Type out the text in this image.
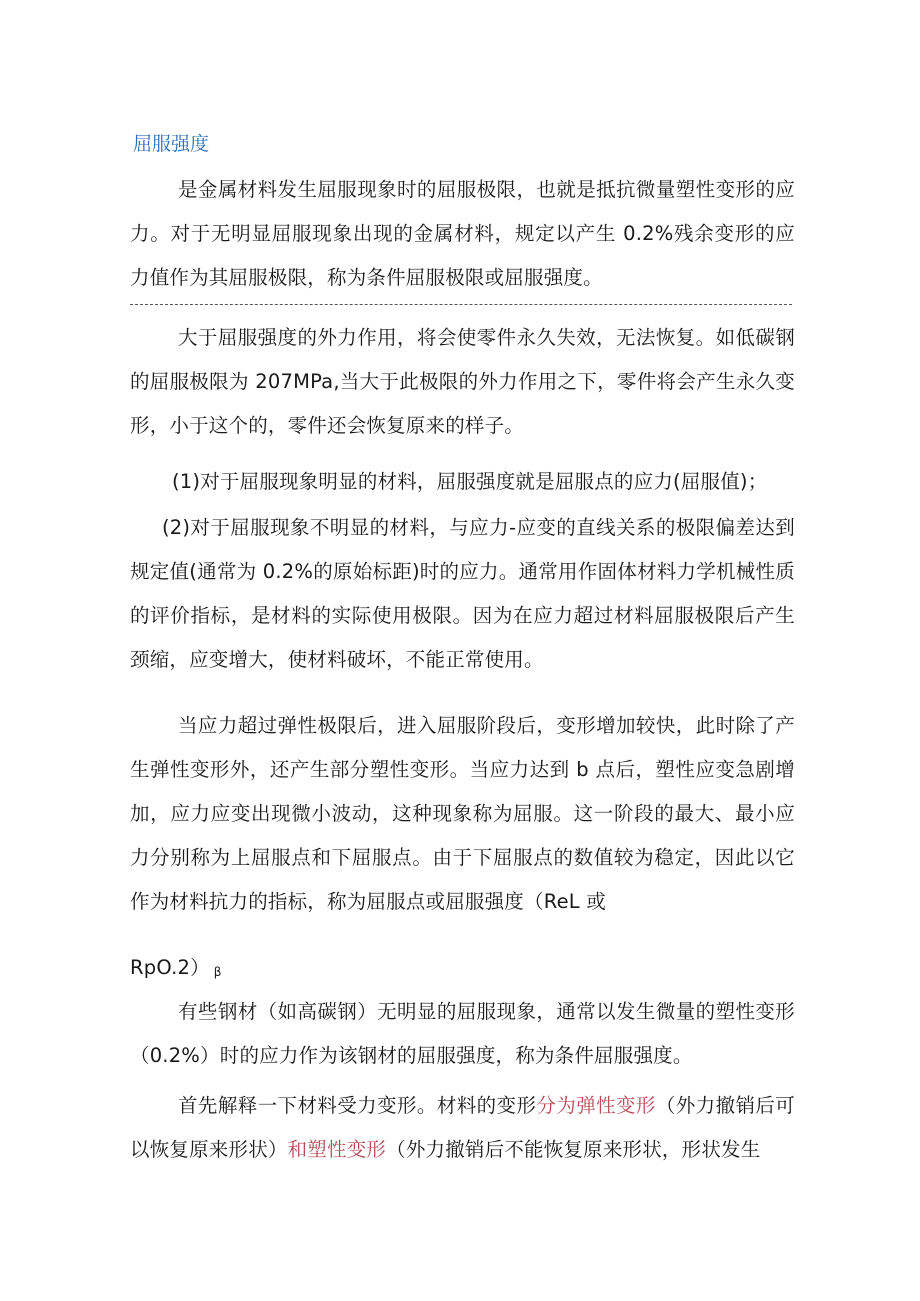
屈服强度

是金属材料发生屈服现象时的屈服极限，也就是抵抗微量塑性变形的应力。对于无明显屈服现象出现的金属材料，规定以产生 0.2%残余变形的应力值作为其屈服极限，称为条件屈服极限或屈服强度。

大于屈服强度的外力作用，将会使零件永久失效，无法恢复。如低碳钢的屈服极限为 207MPa,当大于此极限的外力作用之下，零件将会产生永久变形，小于这个的，零件还会恢复原来的样子。

(1)对于屈服现象明显的材料，屈服强度就是屈服点的应力(屈服值)；

(2)对于屈服现象不明显的材料，与应力-应变的直线关系的极限偏差达到规定值(通常为 0.2%的原始标距)时的应力。通常用作固体材料力学机械性质的评价指标，是材料的实际使用极限。因为在应力超过材料屈服极限后产生颈缩，应变增大，使材料破坏，不能正常使用。

当应力超过弹性极限后，进入屈服阶段后，变形增加较快，此时除了产生弹性变形外，还产生部分塑性变形。当应力达到 b 点后，塑性应变急剧增加，应力应变出现微小波动，这种现象称为屈服。这一阶段的最大、最小应力分别称为上屈服点和下屈服点。由于下屈服点的数值较为稳定，因此以它作为材料抗力的指标，称为屈服点或屈服强度（ReL 或

RpO.2） β

有些钢材（如高碳钢）无明显的屈服现象，通常以发生微量的塑性变形（0.2%）时的应力作为该钢材的屈服强度，称为条件屈服强度。

首先解释一下材料受力变形。材料的变形分为弹性变形（外力撤销后可以恢复原来形状）和塑性变形（外力撤销后不能恢复原来形状，形状发生
